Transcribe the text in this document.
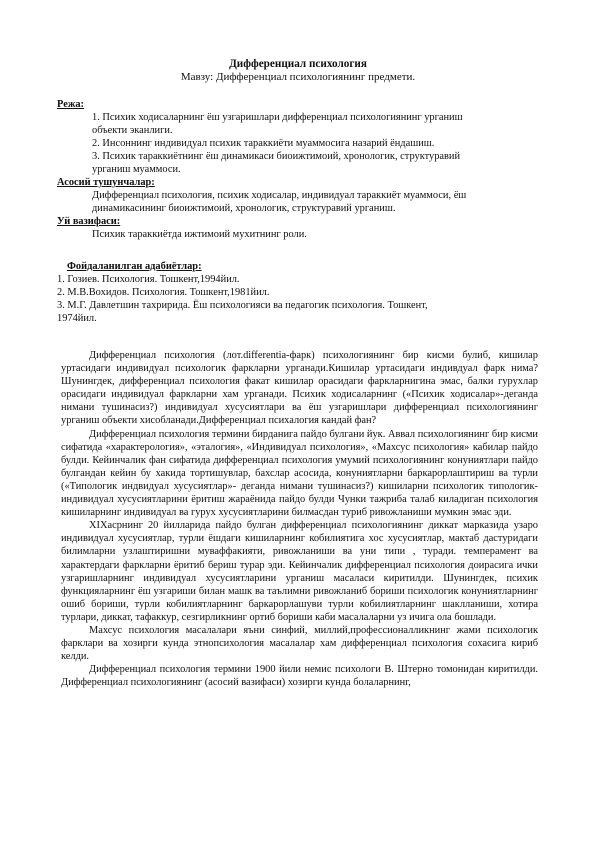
Дифференциал психология
Мавзу: Дифференциал психологиянинг предмети.
Режа:
1. Психик ходисаларнинг ёш узгаришлари дифференциал психологиянинг урганиш
объекти эканлиги.
2. Инсоннинг индивидуал психик тараккиёти муаммосига назарий ёндашиш.
3. Психик тараккиётнинг ёш динамикаси биоижтимоий, хронологик, структуравий
урганиш муаммоси.
Асосий тушунчалар:
Дифференциал психология, психик ходисалар, индивидуал тараккиёт муаммоси, ёш
динамикасининг биоижтимоий, хронологик, структуравий урганиш.
Уй вазифаси:
Психик тараккиётда ижтимоий мухитнинг роли.
Фойдаланилган адабиётлар:
1. Гозиев. Психология. Тошкент,1994йил.
2. М.В.Вохидов. Психология. Тошкент,1981йил.
3. М.Г. Давлетшин тахририда. Ёш психологияси ва педагогик психология. Тошкент,
1974йил.

Дифференциал психология (лот.differentia-фарк) психологиянинг бир кисми булиб, кишилар уртасидаги индивидуал психологик фаркларни урганади.Кишилар уртасидаги индивдуал фарк нима? Шунингдек, дифференциал психология факат кишилар орасидаги фаркларнигина эмас, балки гурухлар орасидаги индивидуал фаркларни хам урганади. Психик ходисаларнинг («Психик ходисалар»-деганда нимани тушинасиз?) индивидуал хусусиятлари ва ёш узгаришлари дифференциал психологиянинг урганиш объекти хисобланади.Дифференциал психалогия кандай фан?

Дифференциал психология термини бирданига пайдо булгани йук. Аввал психологиянинг бир кисми сифатида «характерология», «эталогия», «Индивидуал психология», «Махсус психология» кабилар пайдо булди. Кейинчалик фан сифатида дифференциал психология умумий психологиянинг конуниятлари пайдо булгандан кейин бу хакида тортишувлар, бахслар асосида, конуниятларни баркарорлаштириш ва турли («Типологик индвидуал хусусиятлар»- деганда нимани тушинасиз?) кишиларни психологик типологик- индивидуал хусусиятларини ёритиш жараёнида пайдо булди Чунки тажриба талаб киладиган психология кишиларнинг индивидуал ва гурух хусусиятларини билмасдан туриб ривожланиши мумкин эмас эди.

XIXасрнинг 20 йилларида пайдо булган дифференциал психологиянинг диккат марказида узаро индивидуал хусусиятлар, турли ёшдаги кишиларнинг кобилиятига хос хусусиятлар, мактаб дастуридаги билимларни узлаштиришни муваффакияти, ривожланиши ва уни типи , туради. темперамент ва характердаги фаркларни ёритиб бериш турар эди. Кейинчалик дифференциал психология доирасига ички узгаришларнинг индивидуал хусусиятларини урганиш масаласи киритилди. Шунингдек, психик функцияларнинг ёш узгариши билан машк ва таълимни ривожланиб бориши психологик конуниятларнинг ошиб бориши, турли кобилиятларнинг баркарорлашуви турли кобилиятларнинг шаклланиши, хотира турлари, диккат, тафаккур, сезгирликнинг ортиб бориши каби масалаларни уз ичига ола бошлади.

Махсус психология масалалари яъни синфий, миллий,профессионалликнинг жами психологик фарклари ва хозирги кунда этнопсихология масалалар хам дифференциал психология сохасига кириб келди.

Дифференциал психология термини 1900 йили немис психологи В. Штерно томонидан киритилди. Дифференциал психологиянинг (асосий вазифаси) хозирги кунда болаларнинг,
